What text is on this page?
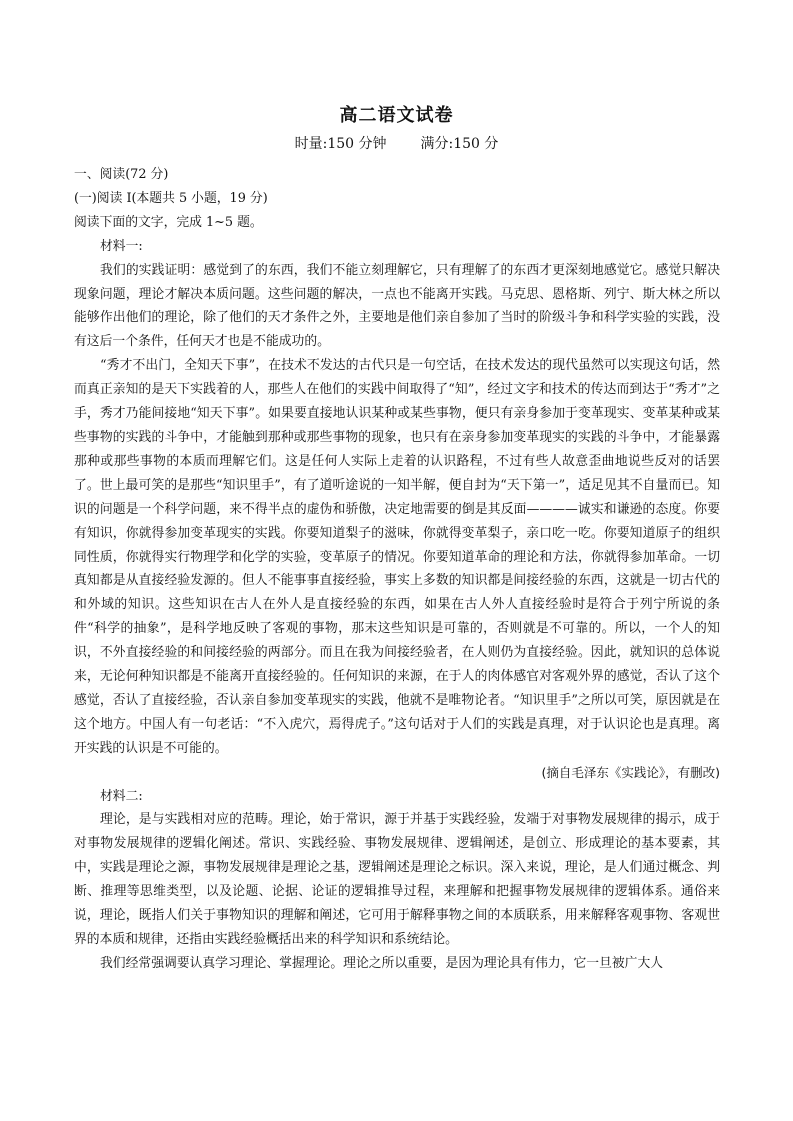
高二语文试卷
时量:150 分钟 满分:150 分

一、阅读(72 分)

(一)阅读 I(本题共 5 小题，19 分)

阅读下面的文字，完成 1~5 题。

材料一:

我们的实践证明：感觉到了的东西，我们不能立刻理解它，只有理解了的东西才更深刻地感觉它。感觉只解决现象问题，理论才解决本质问题。这些问题的解决，一点也不能离开实践。马克思、恩格斯、列宁、斯大林之所以能够作出他们的理论，除了他们的天才条件之外，主要地是他们亲自参加了当时的阶级斗争和科学实验的实践，没有这后一个条件，任何天才也是不能成功的。

“秀才不出门，全知天下事”，在技术不发达的古代只是一句空话，在技术发达的现代虽然可以实现这句话，然而真正亲知的是天下实践着的人，那些人在他们的实践中间取得了“知”，经过文字和技术的传达而到达于“秀才”之手，秀才乃能间接地“知天下事”。如果要直接地认识某种或某些事物，便只有亲身参加于变革现实、变革某种或某些事物的实践的斗争中，才能触到那种或那些事物的现象，也只有在亲身参加变革现实的实践的斗争中，才能暴露那种或那些事物的本质而理解它们。这是任何人实际上走着的认识路程，不过有些人故意歪曲地说些反对的话罢了。世上最可笑的是那些“知识里手”，有了道听途说的一知半解，便自封为“天下第一”，适足见其不自量而已。知识的问题是一个科学问题，来不得半点的虚伪和骄傲，决定地需要的倒是其反面————诚实和谦逊的态度。你要有知识，你就得参加变革现实的实践。你要知道梨子的滋味，你就得变革梨子，亲口吃一吃。你要知道原子的组织同性质，你就得实行物理学和化学的实验，变革原子的情况。你要知道革命的理论和方法，你就得参加革命。一切真知都是从直接经验发源的。但人不能事事直接经验，事实上多数的知识都是间接经验的东西，这就是一切古代的和外域的知识。这些知识在古人在外人是直接经验的东西，如果在古人外人直接经验时是符合于列宁所说的条件“科学的抽象”，是科学地反映了客观的事物，那末这些知识是可靠的，否则就是不可靠的。所以，一个人的知识，不外直接经验的和间接经验的两部分。而且在我为间接经验者，在人则仍为直接经验。因此，就知识的总体说来，无论何种知识都是不能离开直接经验的。任何知识的来源，在于人的肉体感官对客观外界的感觉，否认了这个感觉，否认了直接经验，否认亲自参加变革现实的实践，他就不是唯物论者。“知识里手”之所以可笑，原因就是在这个地方。中国人有一句老话：“不入虎穴，焉得虎子。”这句话对于人们的实践是真理，对于认识论也是真理。离开实践的认识是不可能的。

(摘自毛泽东《实践论》，有删改)

材料二:

理论，是与实践相对应的范畴。理论，始于常识，源于并基于实践经验，发端于对事物发展规律的揭示，成于对事物发展规律的逻辑化阐述。常识、实践经验、事物发展规律、逻辑阐述，是创立、形成理论的基本要素，其中，实践是理论之源，事物发展规律是理论之基，逻辑阐述是理论之标识。深入来说，理论，是人们通过概念、判断、推理等思维类型，以及论题、论据、论证的逻辑推导过程，来理解和把握事物发展规律的逻辑体系。通俗来说，理论，既指人们关于事物知识的理解和阐述，它可用于解释事物之间的本质联系，用来解释客观事物、客观世界的本质和规律，还指由实践经验概括出来的科学知识和系统结论。

我们经常强调要认真学习理论、掌握理论。理论之所以重要，是因为理论具有伟力，它一旦被广大人
